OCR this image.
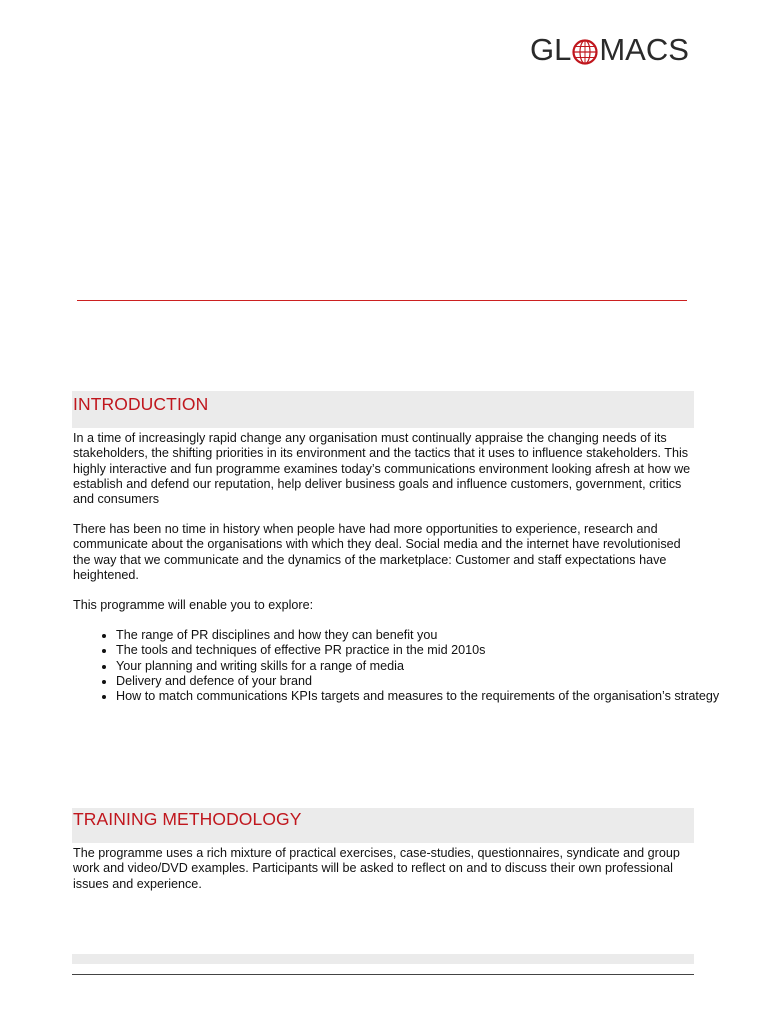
GL MACS
INTRODUCTION

In a time of increasingly rapid change any organisation must continually appraise the changing needs of its stakeholders, the shifting priorities in its environment and the tactics that it uses to influence stakeholders. This highly interactive and fun programme examines today’s communications environment looking afresh at how we establish and defend our reputation, help deliver business goals and influence customers, government, critics and consumers

There has been no time in history when people have had more opportunities to experience, research and communicate about the organisations with which they deal. Social media and the internet have revolutionised the way that we communicate and the dynamics of the marketplace: Customer and staff expectations have heightened.

This programme will enable you to explore:

• The range of PR disciplines and how they can benefit you
• The tools and techniques of effective PR practice in the mid 2010s
• Your planning and writing skills for a range of media
• Delivery and defence of your brand
• How to match communications KPIs targets and measures to the requirements of the organisation’s strategy
TRAINING METHODOLOGY

The programme uses a rich mixture of practical exercises, case-studies, questionnaires, syndicate and group work and video/DVD examples. Participants will be asked to reflect on and to discuss their own professional issues and experience.
